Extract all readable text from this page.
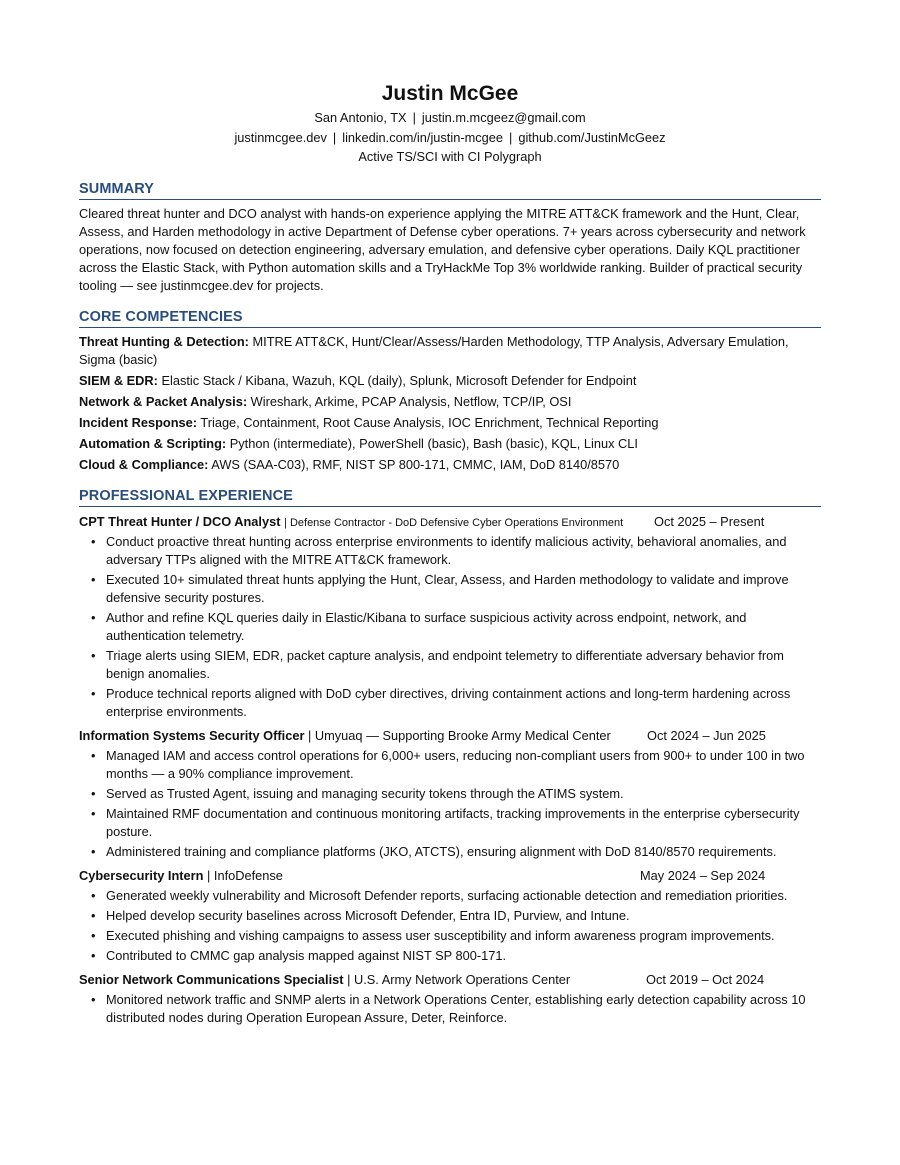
Justin McGee
San Antonio, TX | justin.m.mcgeez@gmail.com
justinmcgee.dev | linkedin.com/in/justin-mcgee | github.com/JustinMcGeez
Active TS/SCI with CI Polygraph
SUMMARY

Cleared threat hunter and DCO analyst with hands-on experience applying the MITRE ATT&CK framework and the Hunt, Clear, Assess, and Harden methodology in active Department of Defense cyber operations. 7+ years across cybersecurity and network operations, now focused on detection engineering, adversary emulation, and defensive cyber operations. Daily KQL practitioner across the Elastic Stack, with Python automation skills and a TryHackMe Top 3% worldwide ranking. Builder of practical security tooling — see justinmcgee.dev for projects.

CORE COMPETENCIES
Threat Hunting & Detection: MITRE ATT&CK, Hunt/Clear/Assess/Harden Methodology, TTP Analysis, Adversary Emulation, Sigma (basic)
SIEM & EDR: Elastic Stack / Kibana, Wazuh, KQL (daily), Splunk, Microsoft Defender for Endpoint
Network & Packet Analysis: Wireshark, Arkime, PCAP Analysis, Netflow, TCP/IP, OSI
Incident Response: Triage, Containment, Root Cause Analysis, IOC Enrichment, Technical Reporting
Automation & Scripting: Python (intermediate), PowerShell (basic), Bash (basic), KQL, Linux CLI
Cloud & Compliance: AWS (SAA-C03), RMF, NIST SP 800-171, CMMC, IAM, DoD 8140/8570
PROFESSIONAL EXPERIENCE
CPT Threat Hunter / DCO Analyst | Defense Contractor - DoD Defensive Cyber Operations Environment Oct 2025 – Present
• Conduct proactive threat hunting across enterprise environments to identify malicious activity, behavioral anomalies, and adversary TTPs aligned with the MITRE ATT&CK framework.
• Executed 10+ simulated threat hunts applying the Hunt, Clear, Assess, and Harden methodology to validate and improve defensive security postures.
• Author and refine KQL queries daily in Elastic/Kibana to surface suspicious activity across endpoint, network, and authentication telemetry.
• Triage alerts using SIEM, EDR, packet capture analysis, and endpoint telemetry to differentiate adversary behavior from benign anomalies.
• Produce technical reports aligned with DoD cyber directives, driving containment actions and long-term hardening across enterprise environments.
Information Systems Security Officer | Umyuaq — Supporting Brooke Army Medical Center	Oct 2024 – Jun 2025
• Managed IAM and access control operations for 6,000+ users, reducing non-compliant users from 900+ to under 100 in two months — a 90% compliance improvement.
• Served as Trusted Agent, issuing and managing security tokens through the ATIMS system.
• Maintained RMF documentation and continuous monitoring artifacts, tracking improvements in the enterprise cybersecurity posture.
• Administered training and compliance platforms (JKO, ATCTS), ensuring alignment with DoD 8140/8570 requirements.
Cybersecurity Intern | InfoDefense	May 2024 – Sep 2024
• Generated weekly vulnerability and Microsoft Defender reports, surfacing actionable detection and remediation priorities.
• Helped develop security baselines across Microsoft Defender, Entra ID, Purview, and Intune.
• Executed phishing and vishing campaigns to assess user susceptibility and inform awareness program improvements.
• Contributed to CMMC gap analysis mapped against NIST SP 800-171.
Senior Network Communications Specialist | U.S. Army Network Operations Center	Oct 2019 – Oct 2024
• Monitored network traffic and SNMP alerts in a Network Operations Center, establishing early detection capability across 10 distributed nodes during Operation European Assure, Deter, Reinforce.
